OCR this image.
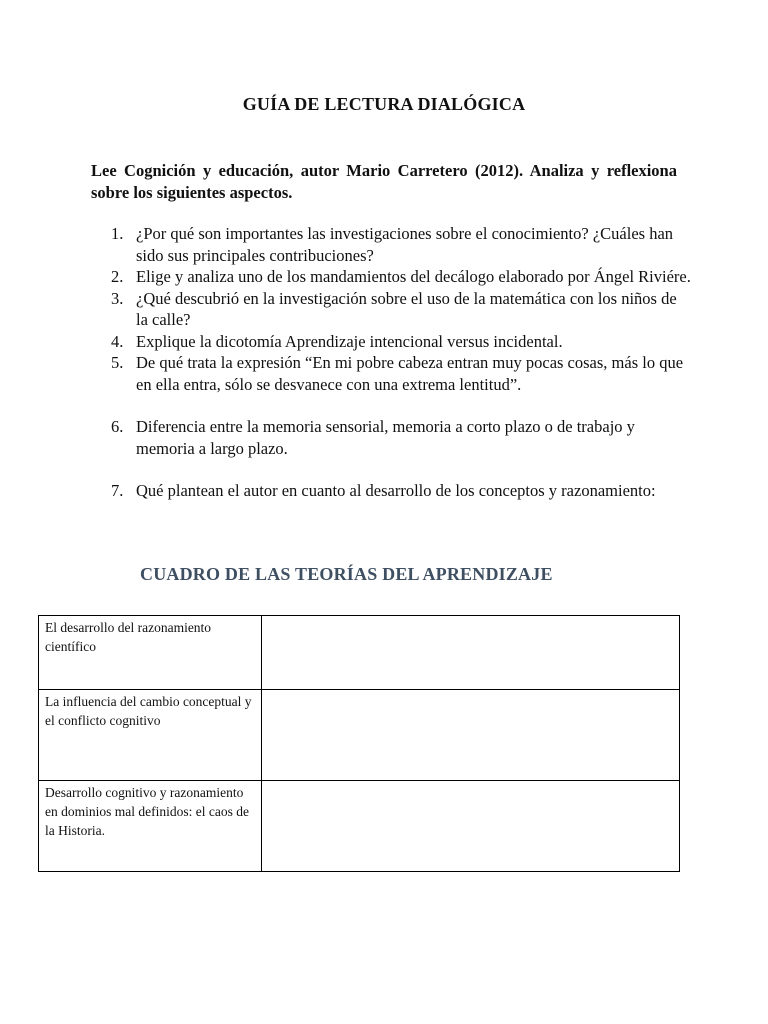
GUÍA DE LECTURA DIALÓGICA
Lee Cognición y educación, autor Mario Carretero (2012). Analiza y reflexiona sobre los siguientes aspectos.
1. ¿Por qué son importantes las investigaciones sobre el conocimiento? ¿Cuáles han sido sus principales contribuciones?
2. Elige y analiza uno de los mandamientos del decálogo elaborado por Ángel Riviére.
3. ¿Qué descubrió en la investigación sobre el uso de la matemática con los niños de la calle?
4. Explique la dicotomía Aprendizaje intencional versus incidental.
5. De qué trata la expresión “En mi pobre cabeza entran muy pocas cosas, más lo que en ella entra, sólo se desvanece con una extrema lentitud”.
6. Diferencia entre la memoria sensorial, memoria a corto plazo o de trabajo y memoria a largo plazo.
7. Qué plantean el autor en cuanto al desarrollo de los conceptos y razonamiento:
CUADRO DE LAS TEORÍAS DEL APRENDIZAJE
El desarrollo del razonamiento científico	
La influencia del cambio conceptual y el conflicto cognitivo	
Desarrollo cognitivo y razonamiento en dominios mal definidos: el caos de la Historia.	
